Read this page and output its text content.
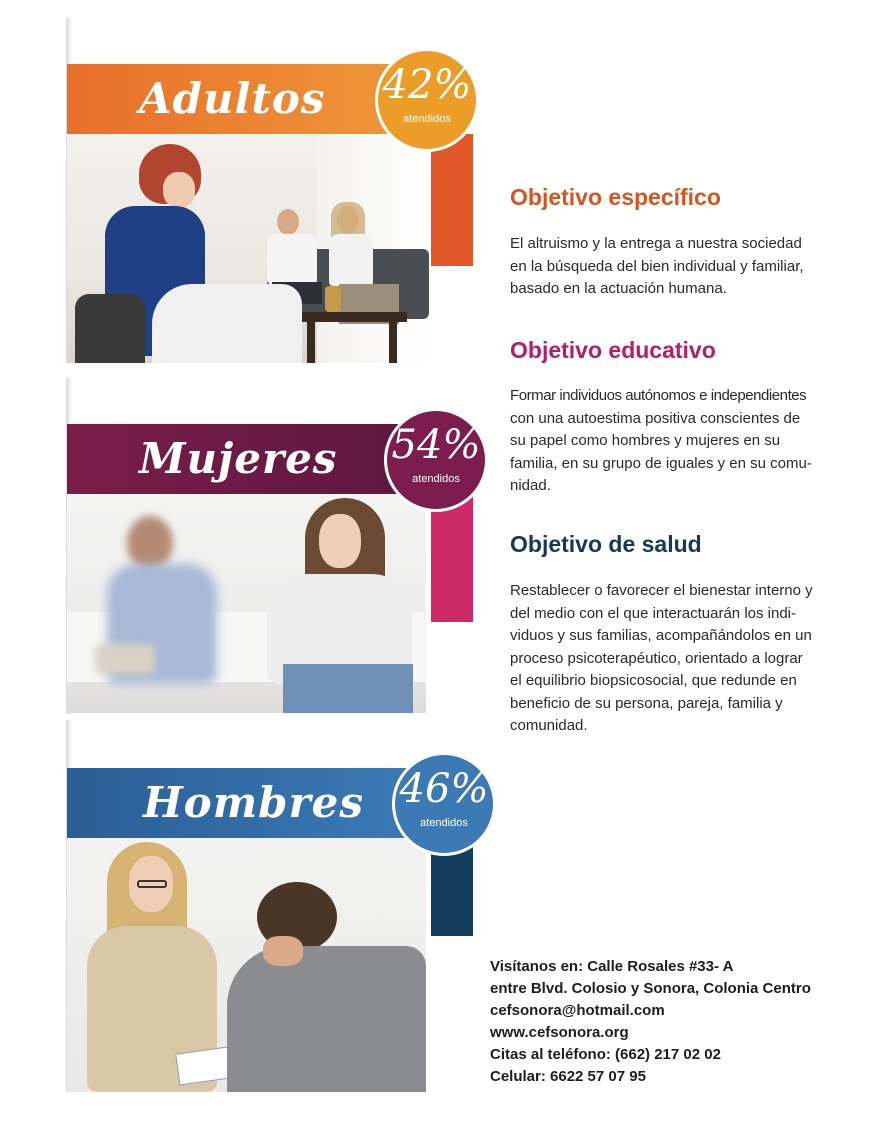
Adultos 42%
atendidos
Mujeres 54%
atendidos
Hombres 46%
atendidos
Objetivo específico
El altruismo y la entrega a nuestra sociedad
en la búsqueda del bien individual y familiar,
basado en la actuación humana.
Objetivo educativo
Formar individuos autónomos e independientes
con una autoestima positiva conscientes de
su papel como hombres y mujeres en su
familia, en su grupo de iguales y en su comu-
nidad.
Objetivo de salud
Restablecer o favorecer el bienestar interno y
del medio con el que interactuarán los indi-
viduos y sus familias, acompañándolos en un
proceso psicoterapéutico, orientado a lograr
el equilibrio biopsicosocial, que redunde en
beneficio de su persona, pareja, familia y
comunidad.
Visítanos en: Calle Rosales #33- A
entre Blvd. Colosio y Sonora, Colonia Centro
cefsonora@hotmail.com
www.cefsonora.org
Citas al teléfono: (662) 217 02 02
Celular: 6622 57 07 95
